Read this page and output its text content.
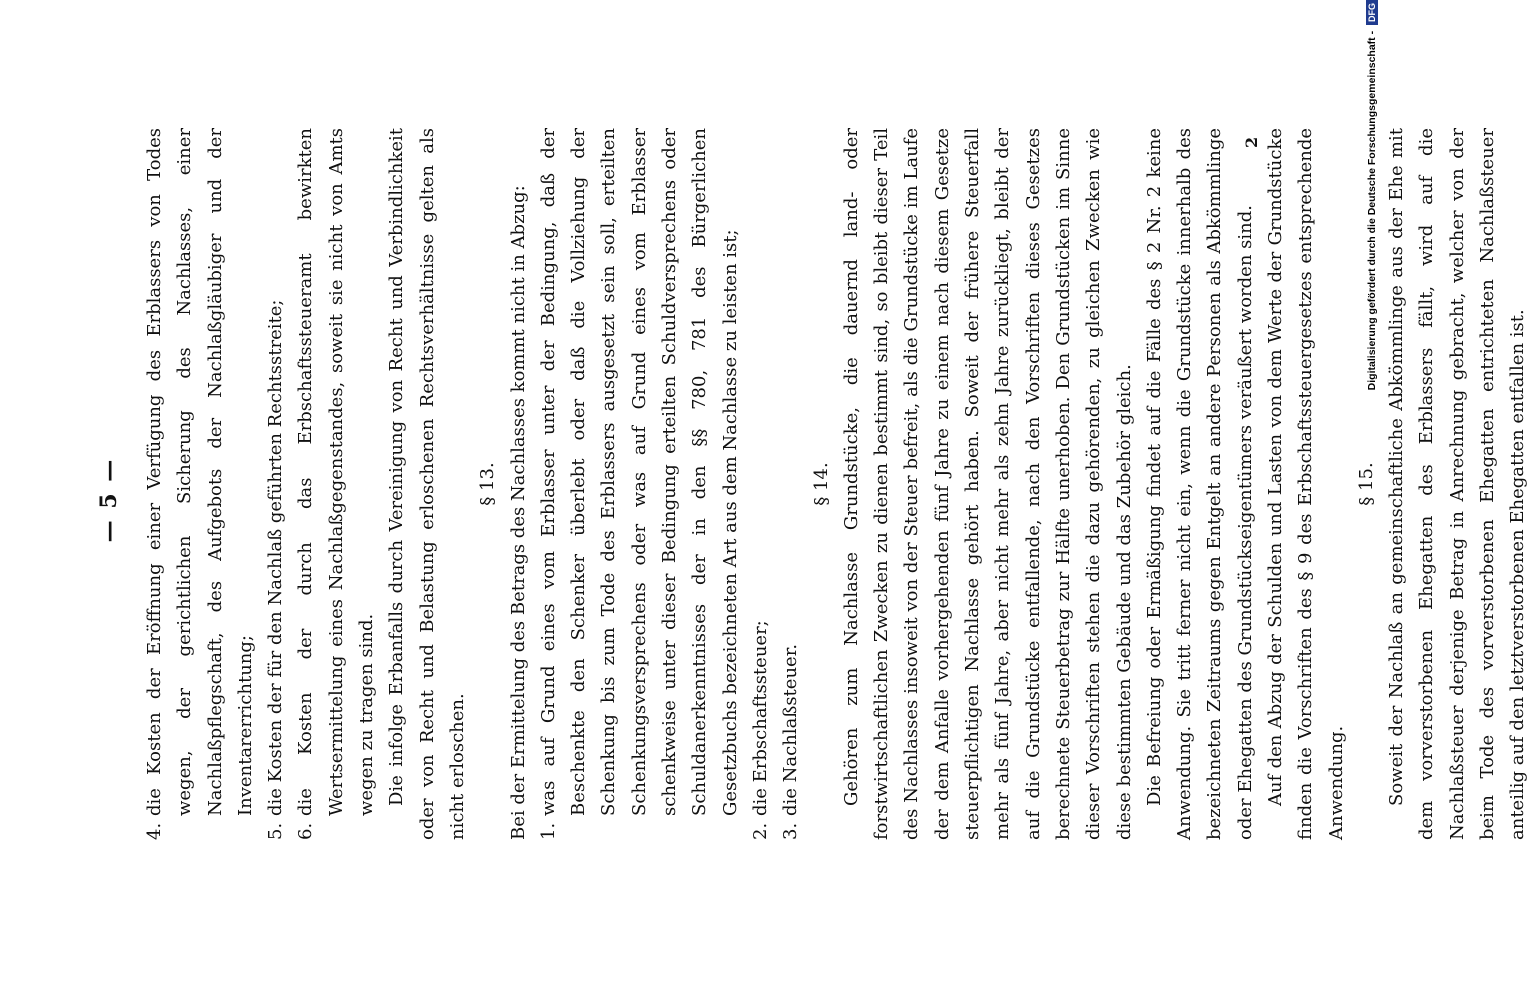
— 5 —
4.
die Kosten der Eröffnung einer Verfügung des Erblassers von Todes wegen, der gerichtlichen Sicherung des Nachlasses, einer Nachlaßpflegschaft, des Aufgebots der Nachlaßgläubiger und der Inventarerrichtung;
5.
die Kosten der für den Nachlaß geführten Rechtsstreite;
6.
die Kosten der durch das Erbschaftssteueramt bewirkten Wertsermittelung eines Nachlaßgegenstandes, soweit sie nicht von Amts wegen zu tragen sind. Die infolge Erbanfalls durch Vereinigung von Recht und Verbindlichkeit oder von Recht und Belastung erloschenen Rechtsverhältnisse gelten als nicht erloschen.

§ 13. Bei der Ermittelung des Betrags des Nachlasses kommt nicht in Abzug: 1.
was auf Grund eines vom Erblasser unter der Bedingung, daß der Beschenkte den Schenker überlebt oder daß die Vollziehung der Schenkung bis zum Tode des Erblassers ausgesetzt sein soll, erteilten Schenkungsversprechens oder was auf Grund eines vom Erblasser schenkweise unter dieser Bedingung erteilten Schuldversprechens oder Schuldanerkenntnisses der in den §§ 780, 781 des Bürgerlichen Gesetzbuchs bezeichneten Art aus dem Nachlasse zu leisten ist;
2.
die Erbschaftssteuer;
3.
die Nachlaßsteuer.

§ 14. Gehören zum Nachlasse Grundstücke, die dauernd land- oder forstwirtschaftlichen Zwecken zu dienen bestimmt sind, so bleibt dieser Teil des Nachlasses insoweit von der Steuer befreit, als die Grundstücke im Laufe der dem Anfalle vorhergehenden fünf Jahre zu einem nach diesem Gesetze steuerpflichtigen Nachlasse gehört haben. Soweit der frühere Steuerfall mehr als fünf Jahre, aber nicht mehr als zehn Jahre zurückliegt, bleibt der auf die Grundstücke entfallende, nach den Vorschriften dieses Gesetzes berechnete Steuerbetrag zur Hälfte unerhoben. Den Grundstücken im Sinne dieser Vorschriften stehen die dazu gehörenden, zu gleichen Zwecken wie diese bestimmten Gebäude und das Zubehör gleich. Die Befreiung oder Ermäßigung findet auf die Fälle des § 2 Nr. 2 keine Anwendung. Sie tritt ferner nicht ein, wenn die Grundstücke innerhalb des bezeichneten Zeitraums gegen Entgelt an andere Personen als Abkömmlinge oder Ehegatten des Grundstückseigentümers veräußert worden sind. Auf den Abzug der Schulden und Lasten von dem Werte der Grundstücke finden die Vorschriften des § 9 des Erbschaftssteuergesetzes entsprechende Anwendung.

§ 15. Soweit der Nachlaß an gemeinschaftliche Abkömmlinge aus der Ehe mit dem vorverstorbenen Ehegatten des Erblassers fällt, wird auf die Nachlaßsteuer derjenige Betrag in Anrechnung gebracht, welcher von der beim Tode des vorverstorbenen Ehegatten entrichteten Nachlaßsteuer anteilig auf den letztverstorbenen Ehegatten entfallen ist.

2	Digitalisierung gefördert durch die Deutsche Forschungsgemeinschaft - DFG
